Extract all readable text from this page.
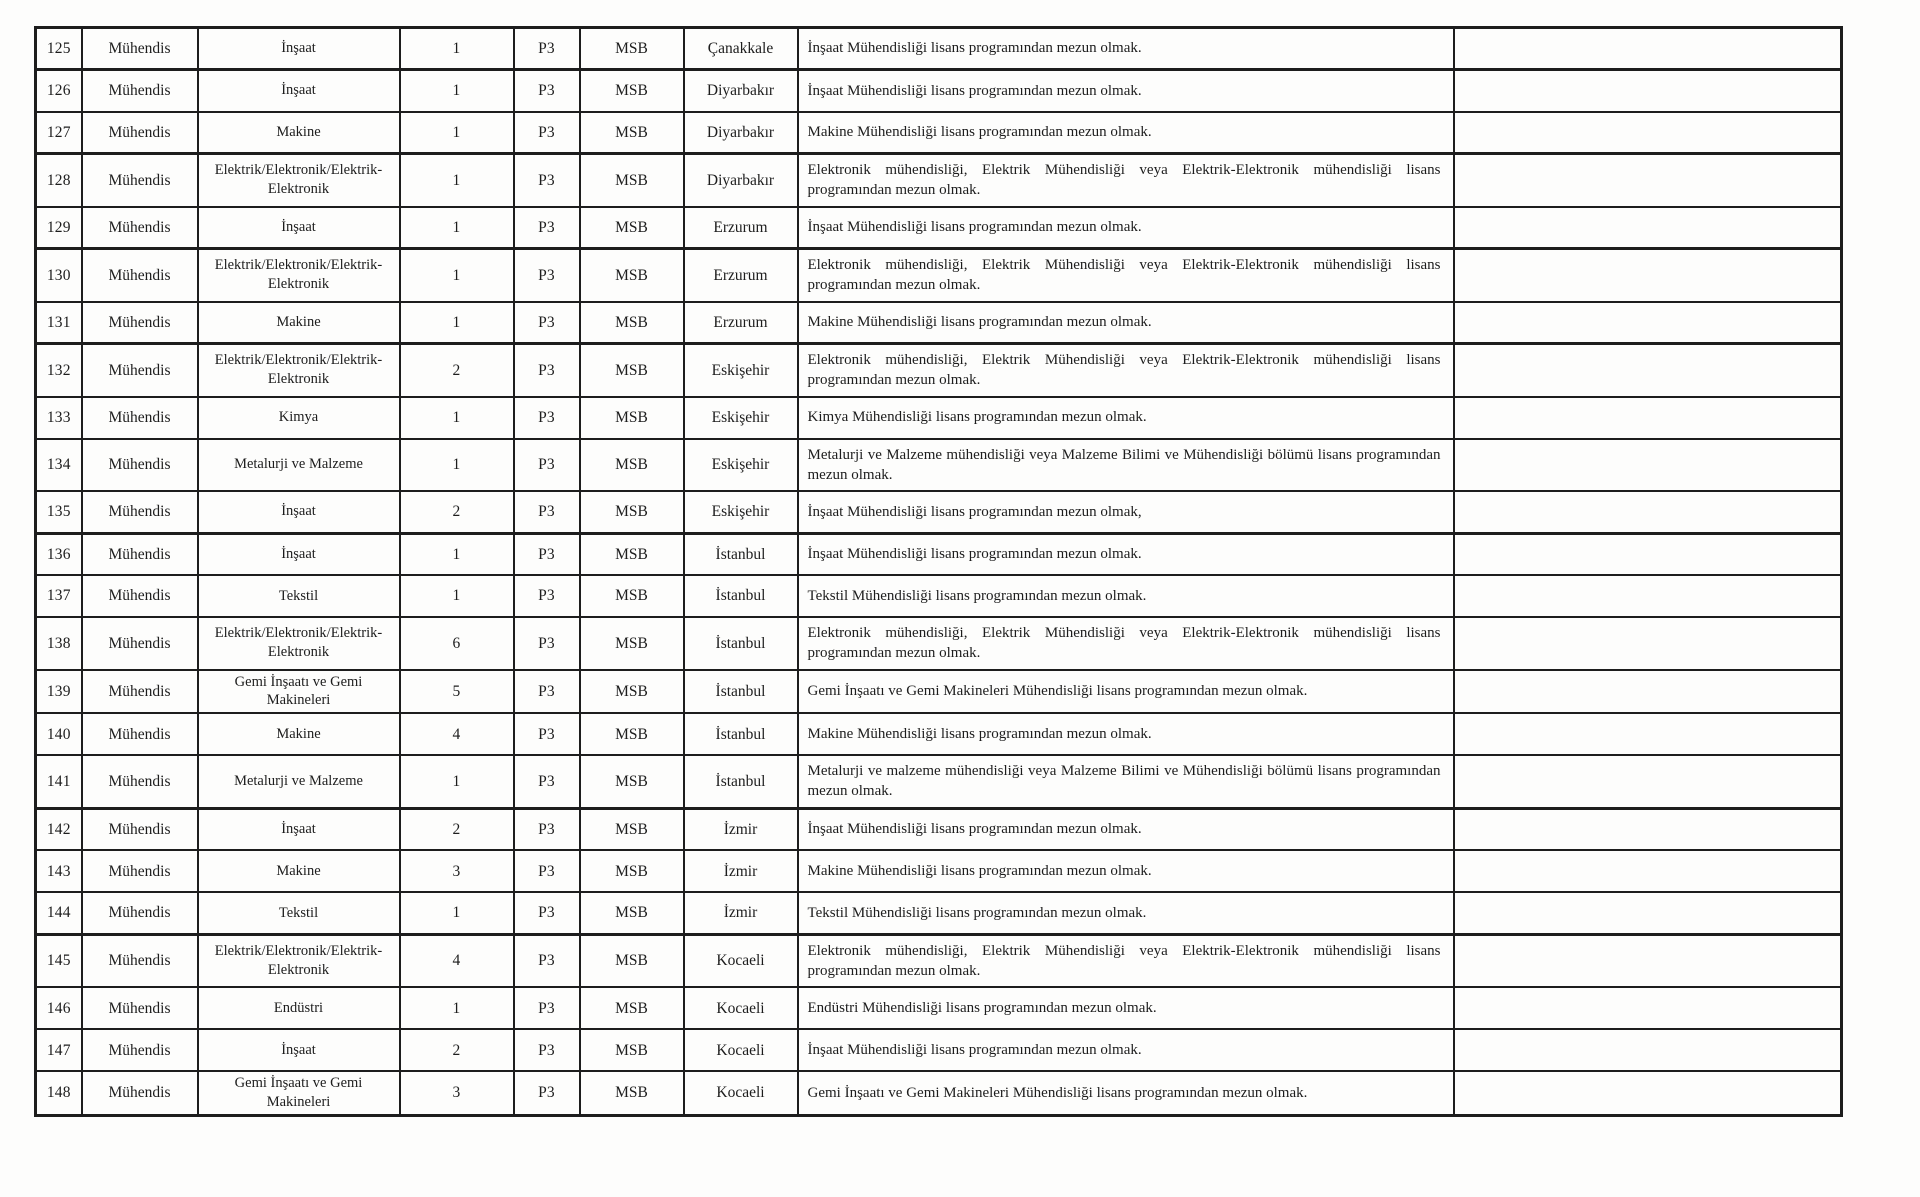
125	Mühendis	İnşaat	1	P3	MSB	Çanakkale	İnşaat Mühendisliği lisans programından mezun olmak.	
126	Mühendis	İnşaat	1	P3	MSB	Diyarbakır	İnşaat Mühendisliği lisans programından mezun olmak.	
127	Mühendis	Makine	1	P3	MSB	Diyarbakır	Makine Mühendisliği lisans programından mezun olmak.	
128	Mühendis	Elektrik/Elektronik/Elektrik-Elektronik	1	P3	MSB	Diyarbakır	Elektronik mühendisliği, Elektrik Mühendisliği veya Elektrik-Elektronik mühendisliği lisans programından mezun olmak.	
129	Mühendis	İnşaat	1	P3	MSB	Erzurum	İnşaat Mühendisliği lisans programından mezun olmak.	
130	Mühendis	Elektrik/Elektronik/Elektrik-Elektronik	1	P3	MSB	Erzurum	Elektronik mühendisliği, Elektrik Mühendisliği veya Elektrik-Elektronik mühendisliği lisans programından mezun olmak.	
131	Mühendis	Makine	1	P3	MSB	Erzurum	Makine Mühendisliği lisans programından mezun olmak.	
132	Mühendis	Elektrik/Elektronik/Elektrik-Elektronik	2	P3	MSB	Eskişehir	Elektronik mühendisliği, Elektrik Mühendisliği veya Elektrik-Elektronik mühendisliği lisans programından mezun olmak.	
133	Mühendis	Kimya	1	P3	MSB	Eskişehir	Kimya Mühendisliği lisans programından mezun olmak.	
134	Mühendis	Metalurji ve Malzeme	1	P3	MSB	Eskişehir	Metalurji ve Malzeme mühendisliği veya Malzeme Bilimi ve Mühendisliği bölümü lisans programından mezun olmak.	
135	Mühendis	İnşaat	2	P3	MSB	Eskişehir	İnşaat Mühendisliği lisans programından mezun olmak,	
136	Mühendis	İnşaat	1	P3	MSB	İstanbul	İnşaat Mühendisliği lisans programından mezun olmak.	
137	Mühendis	Tekstil	1	P3	MSB	İstanbul	Tekstil Mühendisliği lisans programından mezun olmak.	
138	Mühendis	Elektrik/Elektronik/Elektrik-Elektronik	6	P3	MSB	İstanbul	Elektronik mühendisliği, Elektrik Mühendisliği veya Elektrik-Elektronik mühendisliği lisans programından mezun olmak.	
139	Mühendis	Gemi İnşaatı ve Gemi Makineleri	5	P3	MSB	İstanbul	Gemi İnşaatı ve Gemi Makineleri Mühendisliği lisans programından mezun olmak.	
140	Mühendis	Makine	4	P3	MSB	İstanbul	Makine Mühendisliği lisans programından mezun olmak.	
141	Mühendis	Metalurji ve Malzeme	1	P3	MSB	İstanbul	Metalurji ve malzeme mühendisliği veya Malzeme Bilimi ve Mühendisliği bölümü lisans programından mezun olmak.	
142	Mühendis	İnşaat	2	P3	MSB	İzmir	İnşaat Mühendisliği lisans programından mezun olmak.	
143	Mühendis	Makine	3	P3	MSB	İzmir	Makine Mühendisliği lisans programından mezun olmak.	
144	Mühendis	Tekstil	1	P3	MSB	İzmir	Tekstil Mühendisliği lisans programından mezun olmak.	
145	Mühendis	Elektrik/Elektronik/Elektrik-Elektronik	4	P3	MSB	Kocaeli	Elektronik mühendisliği, Elektrik Mühendisliği veya Elektrik-Elektronik mühendisliği lisans programından mezun olmak.	
146	Mühendis	Endüstri	1	P3	MSB	Kocaeli	Endüstri Mühendisliği lisans programından mezun olmak.	
147	Mühendis	İnşaat	2	P3	MSB	Kocaeli	İnşaat Mühendisliği lisans programından mezun olmak.	
148	Mühendis	Gemi İnşaatı ve Gemi Makineleri	3	P3	MSB	Kocaeli	Gemi İnşaatı ve Gemi Makineleri Mühendisliği lisans programından mezun olmak.	
